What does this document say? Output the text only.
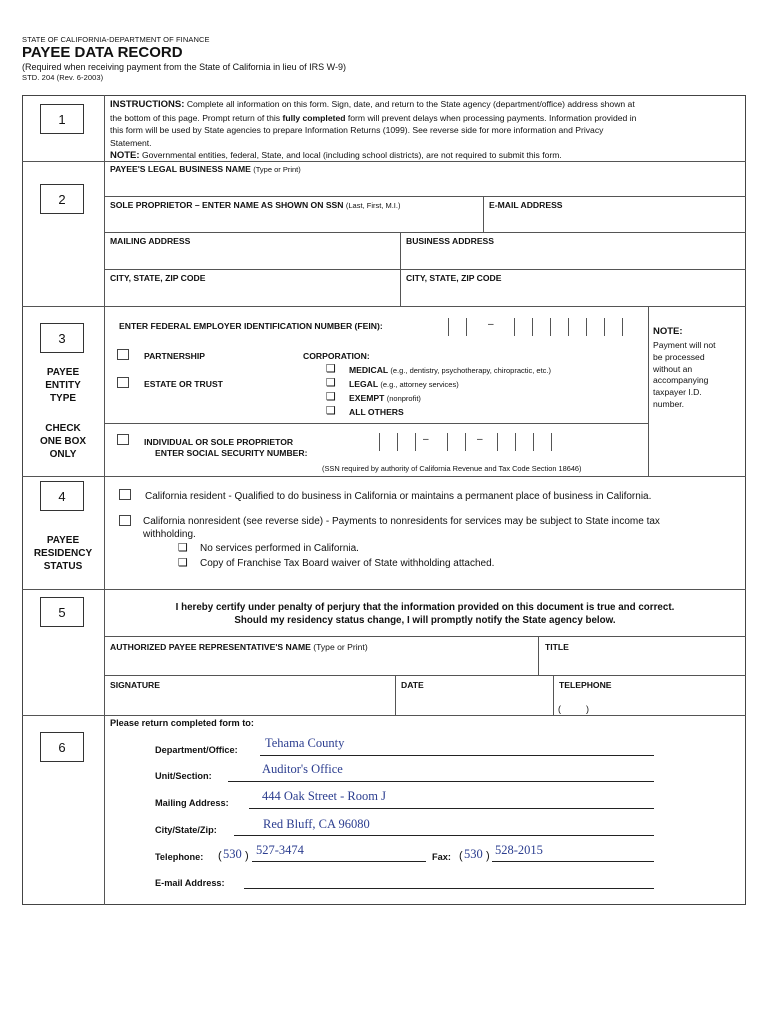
STATE OF CALIFORNIA-DEPARTMENT OF FINANCE
PAYEE DATA RECORD
(Required when receiving payment from the State of California in lieu of IRS W-9)
STD. 204 (Rev. 6-2003)
1
INSTRUCTIONS: Complete all information on this form. Sign, date, and return to the State agency (department/office) address shown at
the bottom of this page. Prompt return of this fully completed form will prevent delays when processing payments. Information provided in
this form will be used by State agencies to prepare Information Returns (1099). See reverse side for more information and Privacy
Statement.
NOTE: Governmental entities, federal, State, and local (including school districts), are not required to submit this form.
2
PAYEE'S LEGAL BUSINESS NAME (Type or Print)
SOLE PROPRIETOR – ENTER NAME AS SHOWN ON SSN (Last, First, M.I.)	E-MAIL ADDRESS
MAILING ADDRESS	BUSINESS ADDRESS
CITY, STATE, ZIP CODE	CITY, STATE, ZIP CODE
3
PAYEE
ENTITY
TYPE
CHECK
ONE BOX
ONLY
ENTER FEDERAL EMPLOYER IDENTIFICATION NUMBER (FEIN):	–
NOTE:
Payment will not
be processed
without an
accompanying
taxpayer I.D.
number.
PARTNERSHIP
ESTATE OR TRUST
CORPORATION:
❑ MEDICAL (e.g., dentistry, psychotherapy, chiropractic, etc.)
❑ LEGAL (e.g., attorney services)
❑ EXEMPT (nonprofit)
❑ ALL OTHERS
INDIVIDUAL OR SOLE PROPRIETOR
ENTER SOCIAL SECURITY NUMBER:
–	–
(SSN required by authority of California Revenue and Tax Code Section 18646)
4
PAYEE
RESIDENCY
STATUS
California resident - Qualified to do business in California or maintains a permanent place of business in California.
California nonresident (see reverse side) - Payments to nonresidents for services may be subject to State income tax
withholding.
❑ No services performed in California.
❑ Copy of Franchise Tax Board waiver of State withholding attached.
5	I hereby certify under penalty of perjury that the information provided on this document is true and correct.
Should my residency status change, I will promptly notify the State agency below.
AUTHORIZED PAYEE REPRESENTATIVE'S NAME (Type or Print)	TITLE
SIGNATURE	DATE	TELEPHONE
(          )
6
Please return completed form to:
Department/Office: Tehama County
Unit/Section:	Auditor's Office
Mailing Address:	444 Oak Street - Room J
City/State/Zip:	Red Bluff, CA 96080
Telephone: ( 530 ) 527-3474	Fax: ( 530 ) 528-2015
E-mail Address:
